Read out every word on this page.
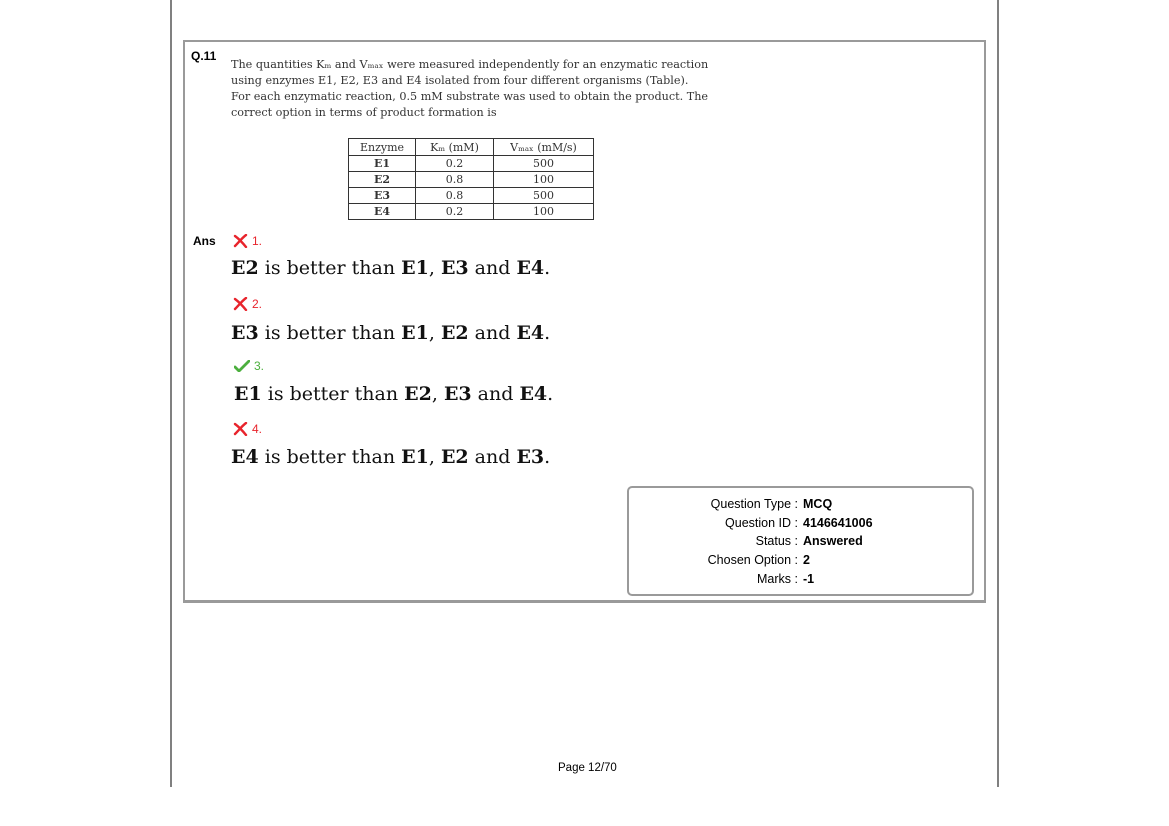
Q.11
The quantities Kₘ and Vₘₐₓ were measured independently for an enzymatic reaction
using enzymes E1, E2, E3 and E4 isolated from four different organisms (Table).
For each enzymatic reaction, 0.5 mM substrate was used to obtain the product. The
correct option in terms of product formation is
Enzyme	Kₘ (mM)	Vₘₐₓ (mM/s)
E1	0.2	500
E2	0.8	100
E3	0.8	500
E4	0.2	100
Ans	1.
E2 is better than E1, E3 and E4.
2.
E3 is better than E1, E2 and E4.
3.
E1 is better than E2, E3 and E4.
4.
E4 is better than E1, E2 and E3.
Question Type : MCQ
Question ID : 4146641006
Status : Answered
Chosen Option : 2
Marks : -1
Page 12/70
